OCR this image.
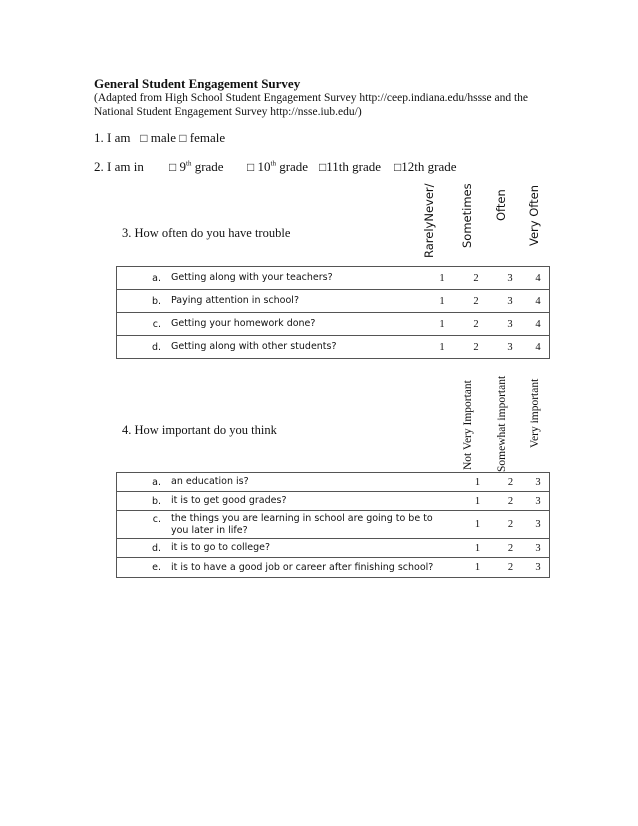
General Student Engagement Survey
(Adapted from High School Student Engagement Survey http://ceep.indiana.edu/hssse and the National Student Engagement Survey http://nsse.iub.edu/)
1. I am □ male □ female
2. I am in □ 9th grade □ 10th grade □11th grade □12th grade
3. How often do you have trouble	RarelyNever/ Sometimes Often Very Often
a.	Getting along with your teachers?	1	2	3	4
b.	Paying attention in school?	1	2	3	4
c.	Getting your homework done?	1	2	3	4
d.	Getting along with other students?	1	2	3	4
4. How important do you think	Not Very Important Somewhat important Very important
a.	an education is?	1	2	3
b.	it is to get good grades?	1	2	3
c.	the things you are learning in school are going to be to you later in life?	1	2	3
d.	it is to go to college?	1	2	3
e.	it is to have a good job or career after finishing school?	1	2	3
